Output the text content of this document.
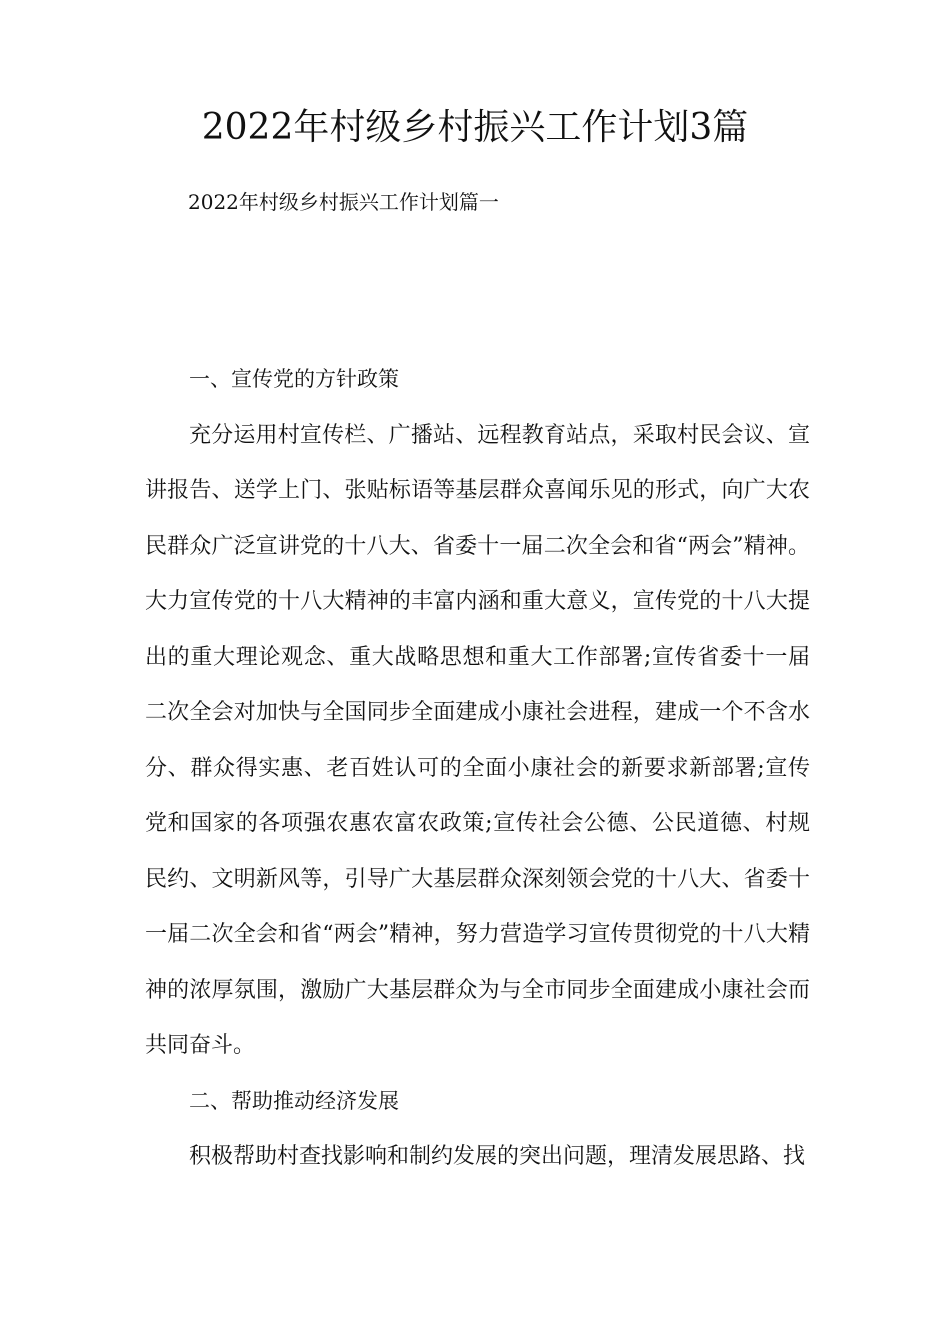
2022年村级乡村振兴工作计划3篇

2022年村级乡村振兴工作计划篇一

一、宣传党的方针政策

充分运用村宣传栏、广播站、远程教育站点，采取村民会议、宣讲报告、送学上门、张贴标语等基层群众喜闻乐见的形式，向广大农民群众广泛宣讲党的十八大、省委十一届二次全会和省“两会”精神。大力宣传党的十八大精神的丰富内涵和重大意义，宣传党的十八大提出的重大理论观念、重大战略思想和重大工作部署;宣传省委十一届二次全会对加快与全国同步全面建成小康社会进程，建成一个不含水分、群众得实惠、老百姓认可的全面小康社会的新要求新部署;宣传党和国家的各项强农惠农富农政策;宣传社会公德、公民道德、村规民约、文明新风等，引导广大基层群众深刻领会党的十八大、省委十一届二次全会和省“两会”精神，努力营造学习宣传贯彻党的十八大精神的浓厚氛围，激励广大基层群众为与全市同步全面建成小康社会而共同奋斗。

二、帮助推动经济发展

积极帮助村查找影响和制约发展的突出问题，理清发展思路、找
